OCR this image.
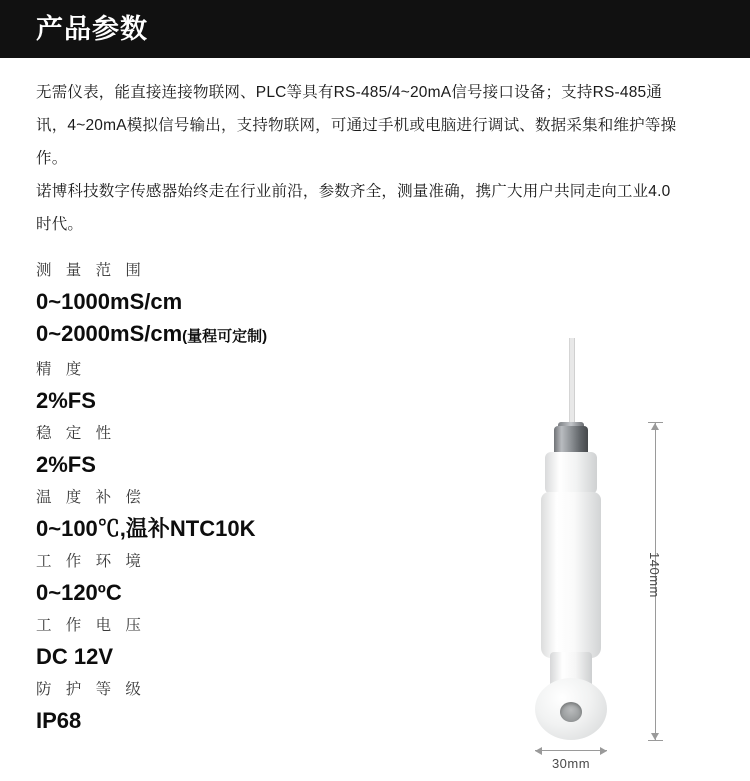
产品参数

无需仪表，能直接连接物联网、PLC等具有RS-485/4~20mA信号接口设备；支持RS-485通讯，4~20mA模拟信号输出，支持物联网，可通过手机或电脑进行调试、数据采集和维护等操作。

诺博科技数字传感器始终走在行业前沿，参数齐全，测量准确，携广大用户共同走向工业4.0时代。

测 量 范 围
0~1000mS/cm
0~2000mS/cm(量程可定制)
精 度
2%FS
稳 定 性
2%FS
温 度 补 偿
0~100℃,温补NTC10K
工 作 环 境
0~120ºC
工 作 电 压
DC 12V
防 护 等 级
IP68
140mm
30mm
